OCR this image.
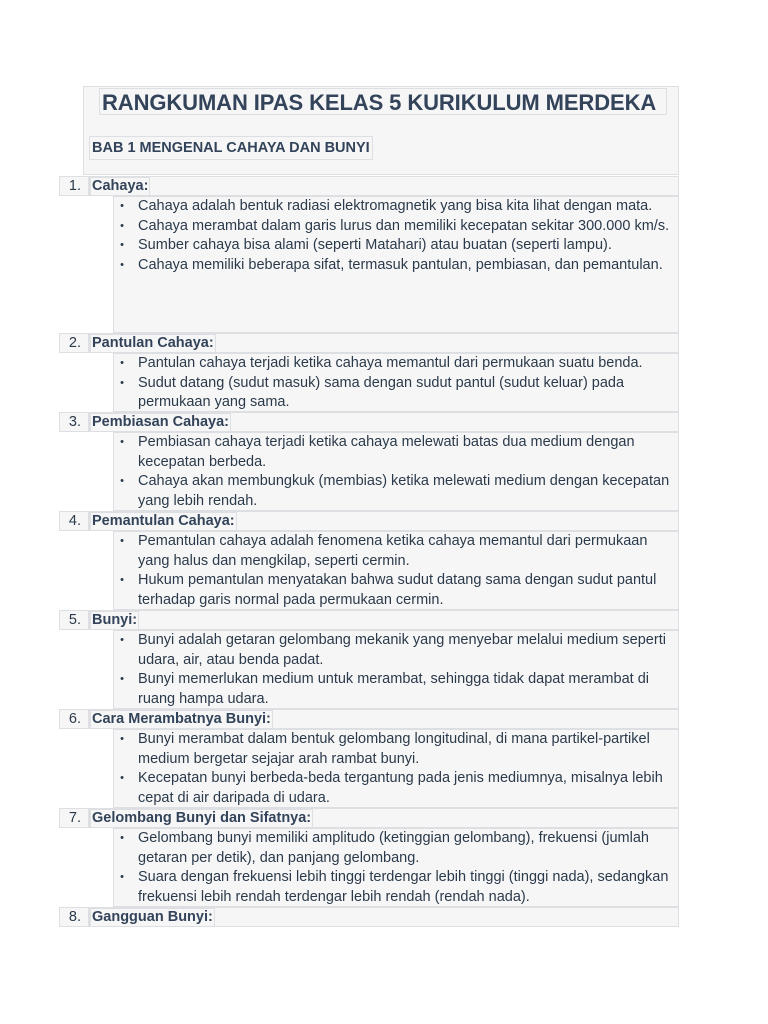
RANGKUMAN IPAS KELAS 5 KURIKULUM MERDEKA
BAB 1 MENGENAL CAHAYA DAN BUNYI
1. Cahaya:
• Cahaya adalah bentuk radiasi elektromagnetik yang bisa kita lihat dengan mata.
• Cahaya merambat dalam garis lurus dan memiliki kecepatan sekitar 300.000 km/s.
• Sumber cahaya bisa alami (seperti Matahari) atau buatan (seperti lampu).
• Cahaya memiliki beberapa sifat, termasuk pantulan, pembiasan, dan pemantulan.
2. Pantulan Cahaya:
• Pantulan cahaya terjadi ketika cahaya memantul dari permukaan suatu benda.
• Sudut datang (sudut masuk) sama dengan sudut pantul (sudut keluar) pada permukaan yang sama.
3. Pembiasan Cahaya:
• Pembiasan cahaya terjadi ketika cahaya melewati batas dua medium dengan kecepatan berbeda.
• Cahaya akan membungkuk (membias) ketika melewati medium dengan kecepatan yang lebih rendah.
4. Pemantulan Cahaya:
• Pemantulan cahaya adalah fenomena ketika cahaya memantul dari permukaan yang halus dan mengkilap, seperti cermin.
• Hukum pemantulan menyatakan bahwa sudut datang sama dengan sudut pantul terhadap garis normal pada permukaan cermin.
5. Bunyi:
• Bunyi adalah getaran gelombang mekanik yang menyebar melalui medium seperti udara, air, atau benda padat.
• Bunyi memerlukan medium untuk merambat, sehingga tidak dapat merambat di ruang hampa udara.
6. Cara Merambatnya Bunyi:
• Bunyi merambat dalam bentuk gelombang longitudinal, di mana partikel-partikel medium bergetar sejajar arah rambat bunyi.
• Kecepatan bunyi berbeda-beda tergantung pada jenis mediumnya, misalnya lebih cepat di air daripada di udara.
7. Gelombang Bunyi dan Sifatnya:
• Gelombang bunyi memiliki amplitudo (ketinggian gelombang), frekuensi (jumlah getaran per detik), dan panjang gelombang.
• Suara dengan frekuensi lebih tinggi terdengar lebih tinggi (tinggi nada), sedangkan frekuensi lebih rendah terdengar lebih rendah (rendah nada).
8. Gangguan Bunyi:
